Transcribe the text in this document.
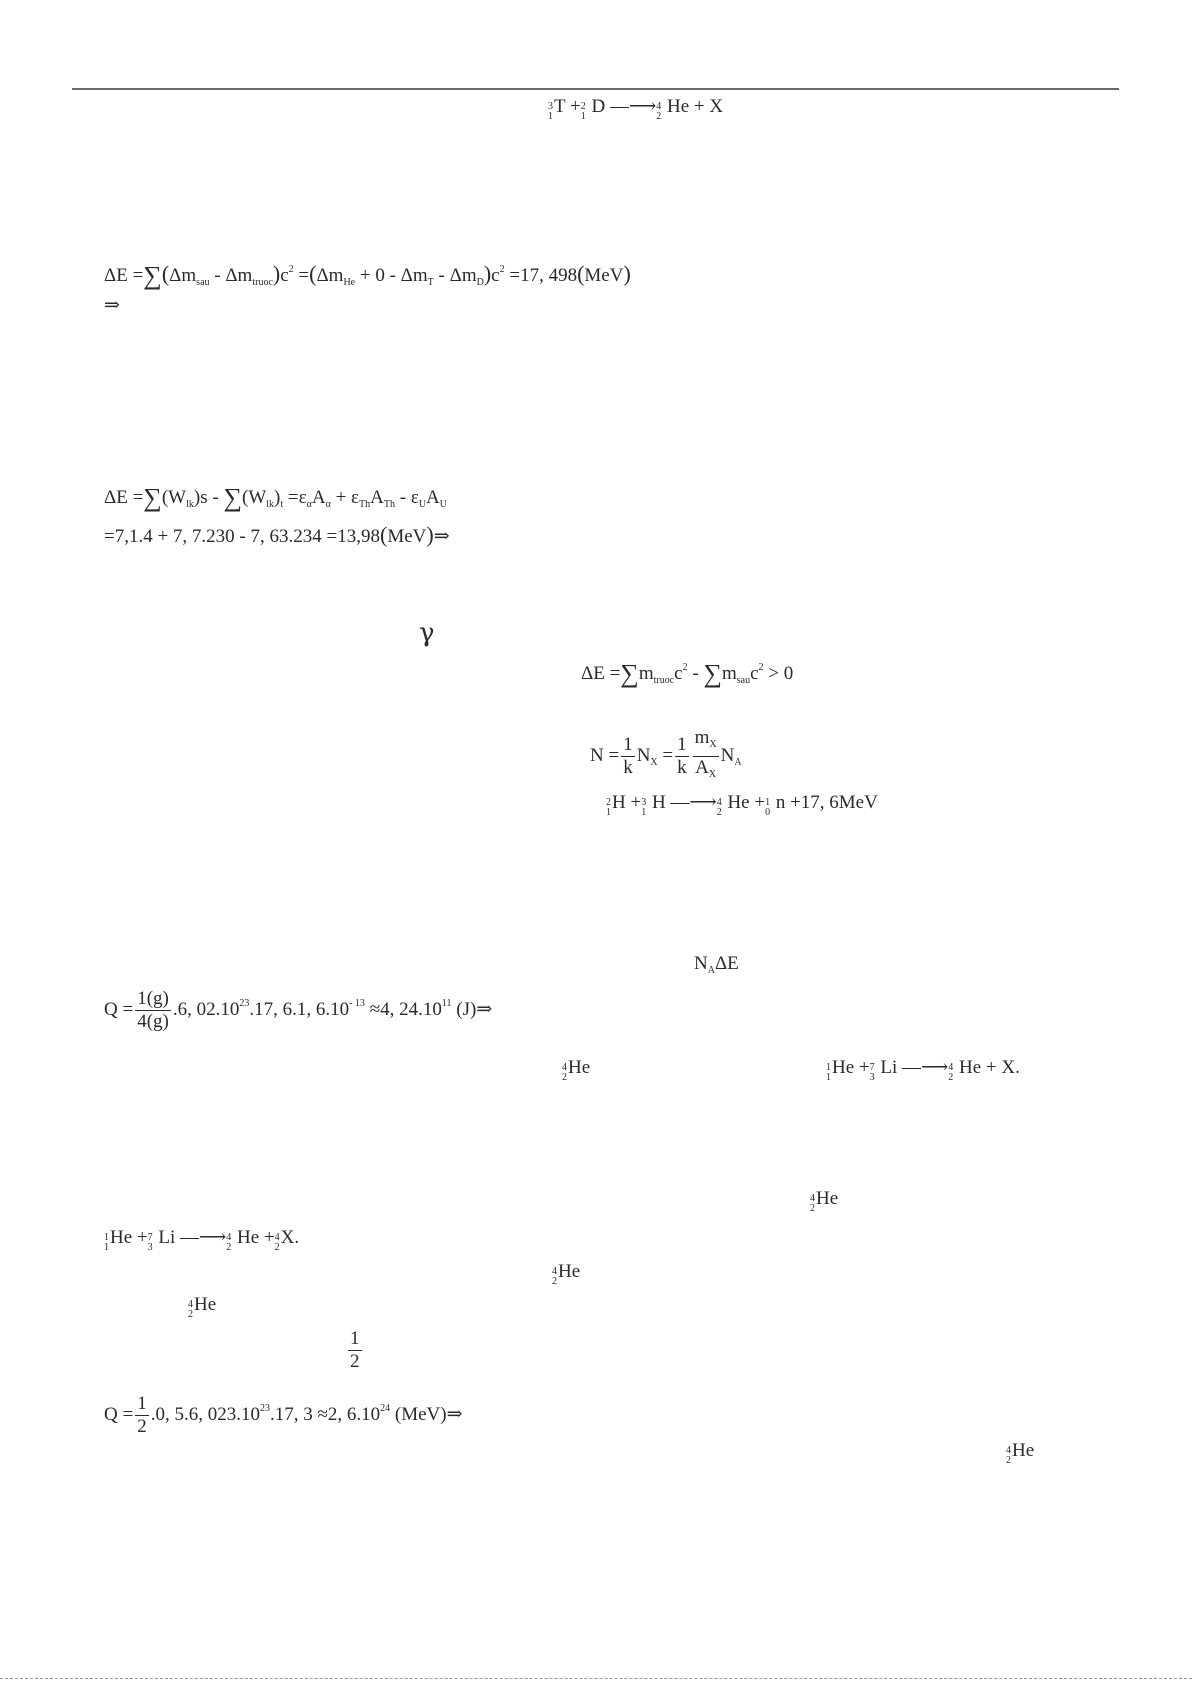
3
1 T + 2
1 D —⟶ 4
2 He + X
$\Delta E =\sum(\Delta m_{sau} - \Delta m_{truoc})c^2 =(\Delta m_{He} + 0 - \Delta m_T - \Delta m_D)c^2 =17$, 498(MeV)
⇒
$\Delta E =\sum(W_{lk})s - \sum(W_{lk})_t =\varepsilon_\alpha A_\alpha + \varepsilon_{Th}A_{Th} - \varepsilon_UA_U$
=7,1.4 + 7, 7.230 - 7, 63.234 =13,98(MeV)⇒
γ
$\Delta E =\sum m_{truoc}c^2 - \sum m_{sau}c^2 > 0$
$N = \frac{1}{k} N_X = \frac{1}{k} \frac{m_X}{A_X} N_A$
2
1 H + 3
1 H —⟶ 4
2 He + 1
0 n +17, 6MeV
$N_A\Delta E$
$Q = \frac{1(g)}{4(g)} .6$, 02.10$^{23}$.17, 6.1, $6.10^{- 13} \approx 4$, 24.10$^{11}$ (J)⇒
4
2 He	1
1 He + 7
3 Li —⟶ 4
2 He + X.
4
2 He
1
1 He + 7
3 Li —⟶ 4
2 He + 4
2 X.
4
2 He
4
2 He
$\frac{1}{2}$
$Q = \frac{1}{2} .0$, 5.6, 023.10$^{23}$.17, 3 ≈2, 6.10$^{24}$ (MeV)⇒
4
2 He
